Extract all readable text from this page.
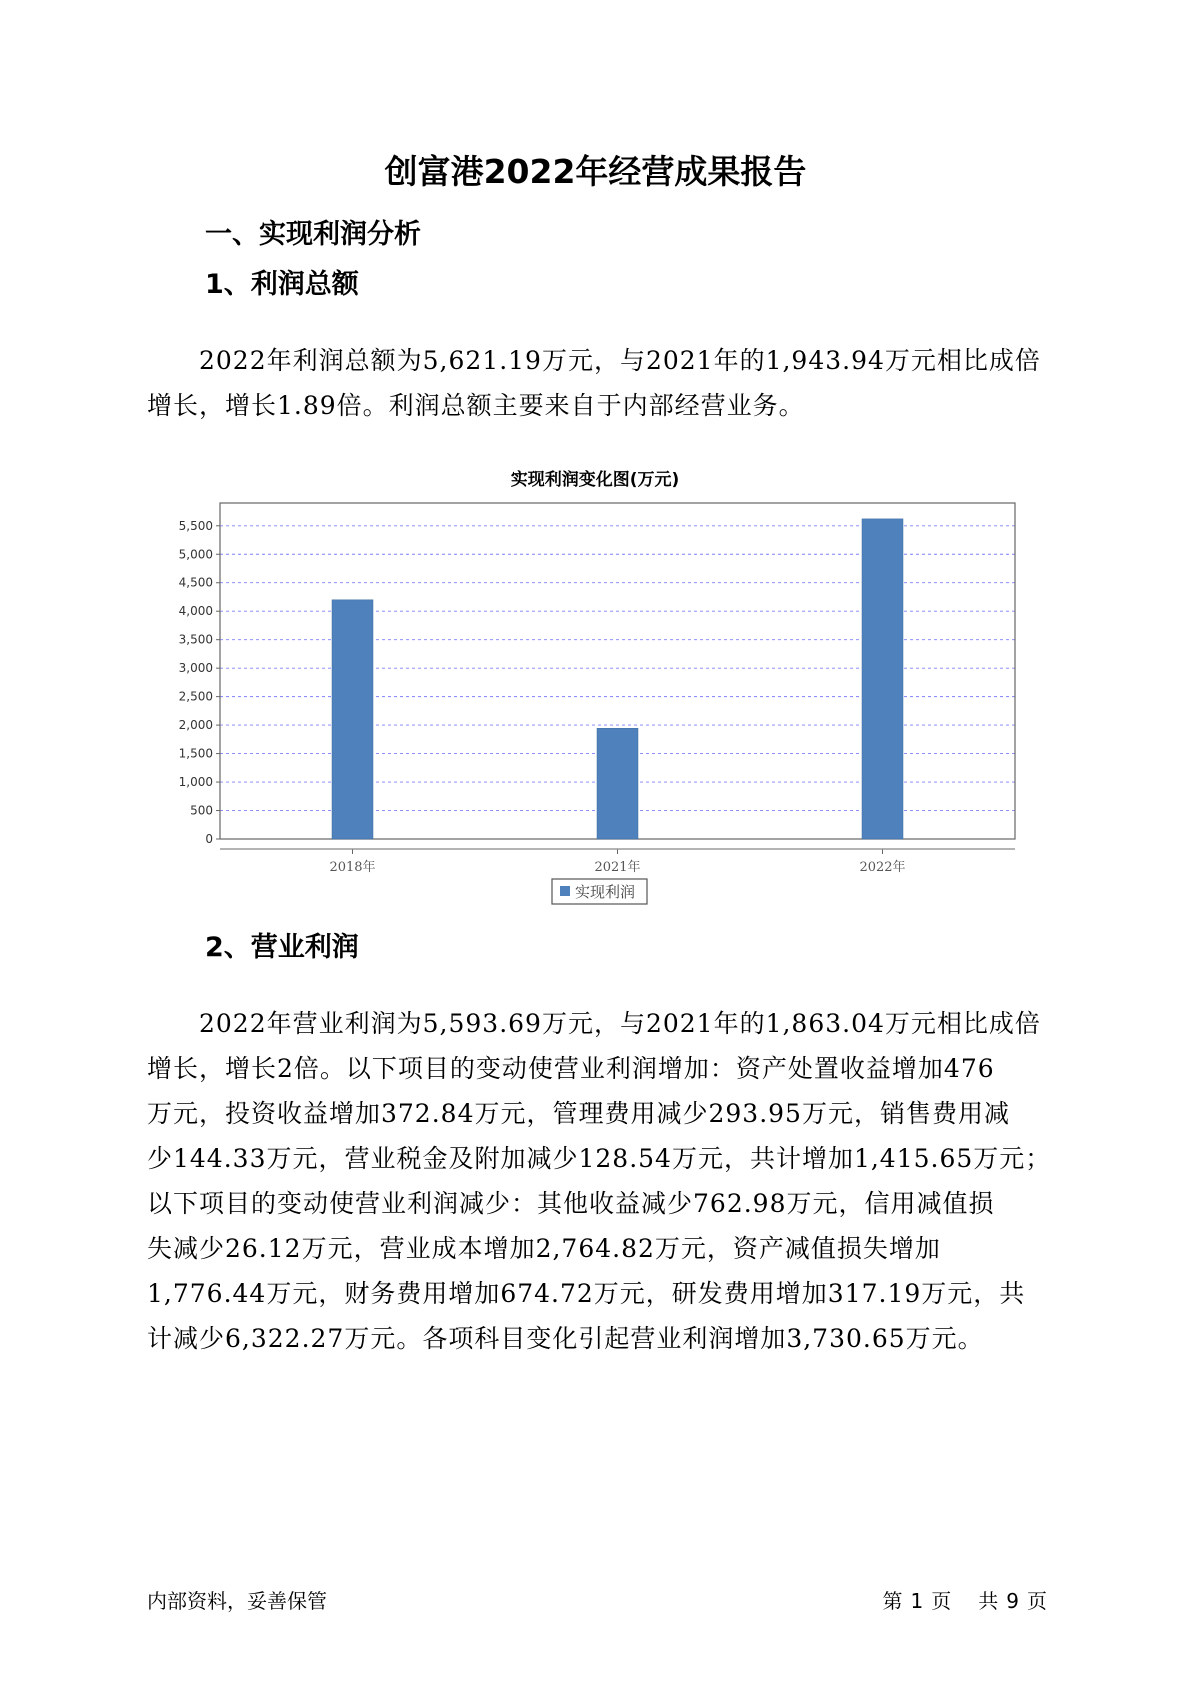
创富港2022年经营成果报告
一、实现利润分析
1、利润总额
2022年利润总额为5,621.19万元，与2021年的1,943.94万元相比成倍
增长，增长1.89倍。利润总额主要来自于内部经营业务。
实现利润变化图(万元)
0
500
1,000
1,500
2,000
2,500
3,000
3,500
4,000
4,500
5,000
5,500
2018年	2021年	2022年
实现利润
2、营业利润
2022年营业利润为5,593.69万元，与2021年的1,863.04万元相比成倍
增长，增长2倍。以下项目的变动使营业利润增加：资产处置收益增加476
万元，投资收益增加372.84万元，管理费用减少293.95万元，销售费用减
少144.33万元，营业税金及附加减少128.54万元，共计增加1,415.65万元；
以下项目的变动使营业利润减少：其他收益减少762.98万元，信用减值损
失减少26.12万元，营业成本增加2,764.82万元，资产减值损失增加
1,776.44万元，财务费用增加674.72万元，研发费用增加317.19万元，共
计减少6,322.27万元。各项科目变化引起营业利润增加3,730.65万元。
内部资料，妥善保管	第 1 页 共 9 页
